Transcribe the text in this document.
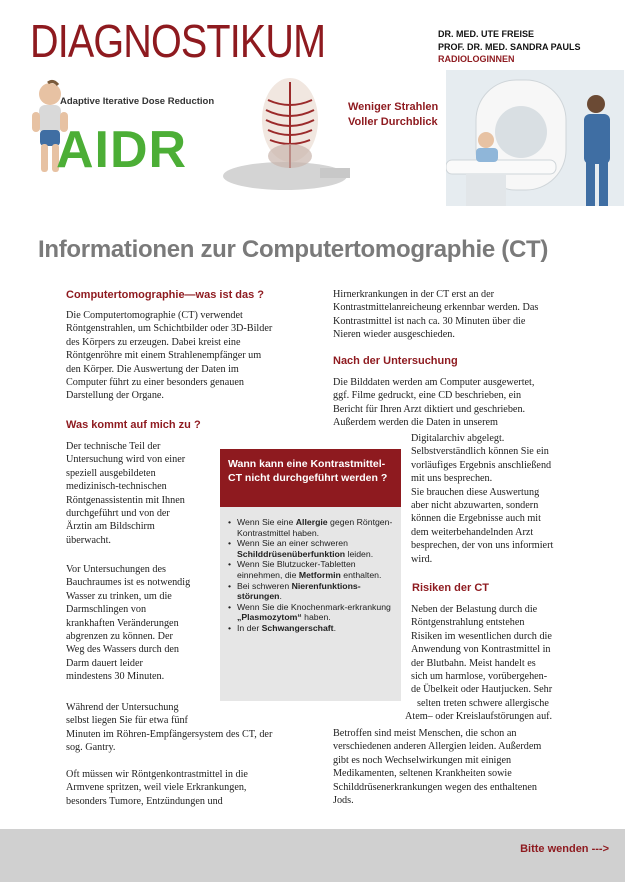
DIAGNOSTIKUM	DR. MED. UTE FREISE
PROF. DR. MED. SANDRA PAULS
RADIOLOGINNEN
Adaptive Iterative Dose Reduction
AIDR
Weniger Strahlen
Voller Durchblick
Informationen zur Computertomographie (CT)
Computertomographie—was ist das ?
Die Computertomographie (CT) verwendet
Röntgenstrahlen, um Schichtbilder oder 3D-Bilder
des Körpers zu erzeugen. Dabei kreist eine
Röntgenröhre mit einem Strahlenempfänger um
den Körper. Die Auswertung der Daten im
Computer führt zu einer besonders genauen
Darstellung der Organe.
Was kommt auf mich zu ?
Der technische Teil der
Untersuchung wird von einer
speziell ausgebildeten
medizinisch-technischen
Röntgenassistentin mit Ihnen
durchgeführt und von der
Ärztin am Bildschirm
überwacht.
Vor Untersuchungen des
Bauchraumes ist es notwendig
Wasser zu trinken, um die
Darmschlingen von
krankhaften Veränderungen
abgrenzen zu können. Der
Weg des Wassers durch den
Darm dauert leider
mindestens 30 Minuten.
Während der Untersuchung
selbst liegen Sie für etwa fünf
Minuten im Röhren-Empfängersystem des CT, der
sog. Gantry.
Oft müssen wir Röntgenkontrastmittel in die
Armvene spritzen, weil viele Erkrankungen,
besonders Tumore, Entzündungen und
Wann kann eine Kontrastmittel-CT nicht durchgeführt werden ?
• Wenn Sie eine Allergie gegen Röntgen-Kontrastmittel haben.
• Wenn Sie an einer schweren Schilddrüsenüberfunktion leiden.
• Wenn Sie Blutzucker-Tabletten einnehmen, die Metformin enthalten.
• Bei schweren Nierenfunktions-störungen.
• Wenn Sie die Knochenmark-erkrankung „Plasmozytom“ haben.
• In der Schwangerschaft.
Hirnerkrankungen in der CT erst an der
Kontrastmittelanreicheung erkennbar werden. Das
Kontrastmittel ist nach ca. 30 Minuten über die
Nieren wieder ausgeschieden.
Nach der Untersuchung
Die Bilddaten werden am Computer ausgewertet,
ggf. Filme gedruckt, eine CD beschrieben, ein
Bericht für Ihren Arzt diktiert und geschrieben.
Außerdem werden die Daten in unserem
Digitalarchiv abgelegt.
Selbstverständlich können Sie ein
vorläufiges Ergebnis anschließend
mit uns besprechen.
Sie brauchen diese Auswertung
aber nicht abzuwarten, sondern
können die Ergebnisse auch mit
dem weiterbehandelnden Arzt
besprechen, der von uns informiert
wird.
Risiken der CT
Neben der Belastung durch die
Röntgenstrahlung entstehen
Risiken im wesentlichen durch die
Anwendung von Kontrastmittel in
der Blutbahn. Meist handelt es
sich um harmlose, vorübergehen-
de Übelkeit oder Hautjucken. Sehr
selten treten schwere allergische
Atem– oder Kreislaufstörungen auf.
Betroffen sind meist Menschen, die schon an
verschiedenen anderen Allergien leiden. Außerdem
gibt es noch Wechselwirkungen mit einigen
Medikamenten, seltenen Krankheiten sowie
Schilddrüsenerkrankungen wegen des enthaltenen
Jods.
Bitte wenden --->
